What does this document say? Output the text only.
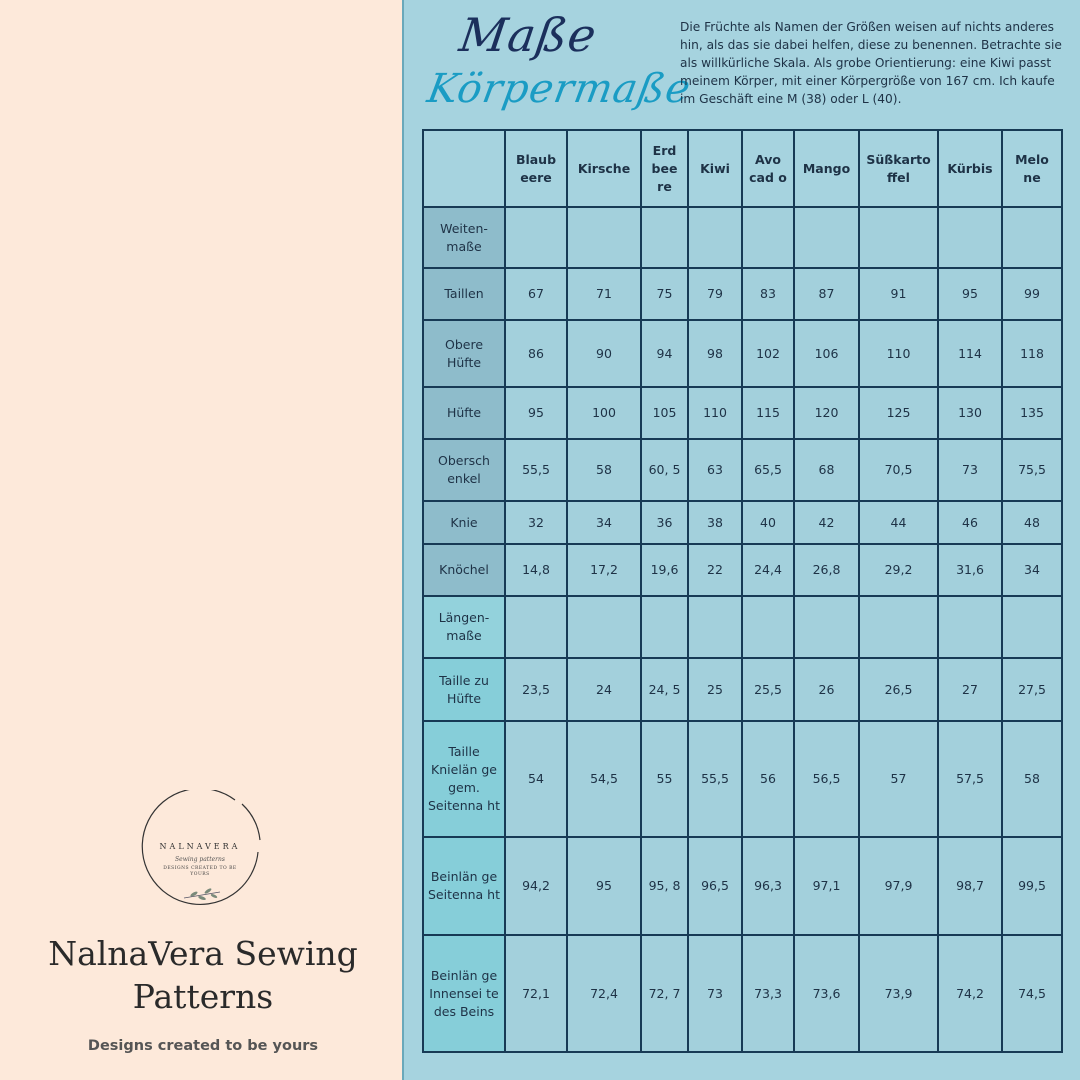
NALNAVERA
Sewing patterns
DESIGNS CREATED TO BE YOURS
NalnaVera Sewing Patterns
Designs created to be yours
Maße
Körpermaße
Die Früchte als Namen der Größen weisen auf nichts anderes hin, als das sie dabei helfen, diese zu benennen. Betrachte sie als willkürliche Skala. Als grobe Orientierung: eine Kiwi passt meinem Körper, mit einer Körpergröße von 167 cm. Ich kaufe im Geschäft eine M (38) oder L (40).
	Blaub eere	Kirsche	Erd bee re	Kiwi	Avo cad o	Mango	Süßkarto ffel	Kürbis	Melo ne
Weiten- maße									
Taillen	67	71	75	79	83	87	91	95	99
Obere Hüfte	86	90	94	98	102	106	110	114	118
Hüfte	95	100	105	110	115	120	125	130	135
Obersch enkel	55,5	58	60, 5	63	65,5	68	70,5	73	75,5
Knie	32	34	36	38	40	42	44	46	48
Knöchel	14,8	17,2	19,6	22	24,4	26,8	29,2	31,6	34
Längen- maße									
Taille zu Hüfte	23,5	24	24, 5	25	25,5	26	26,5	27	27,5
Taille Knielän ge gem. Seitenna ht	54	54,5	55	55,5	56	56,5	57	57,5	58
Beinlän ge Seitenna ht	94,2	95	95, 8	96,5	96,3	97,1	97,9	98,7	99,5
Beinlän ge Innensei te des Beins	72,1	72,4	72, 7	73	73,3	73,6	73,9	74,2	74,5
